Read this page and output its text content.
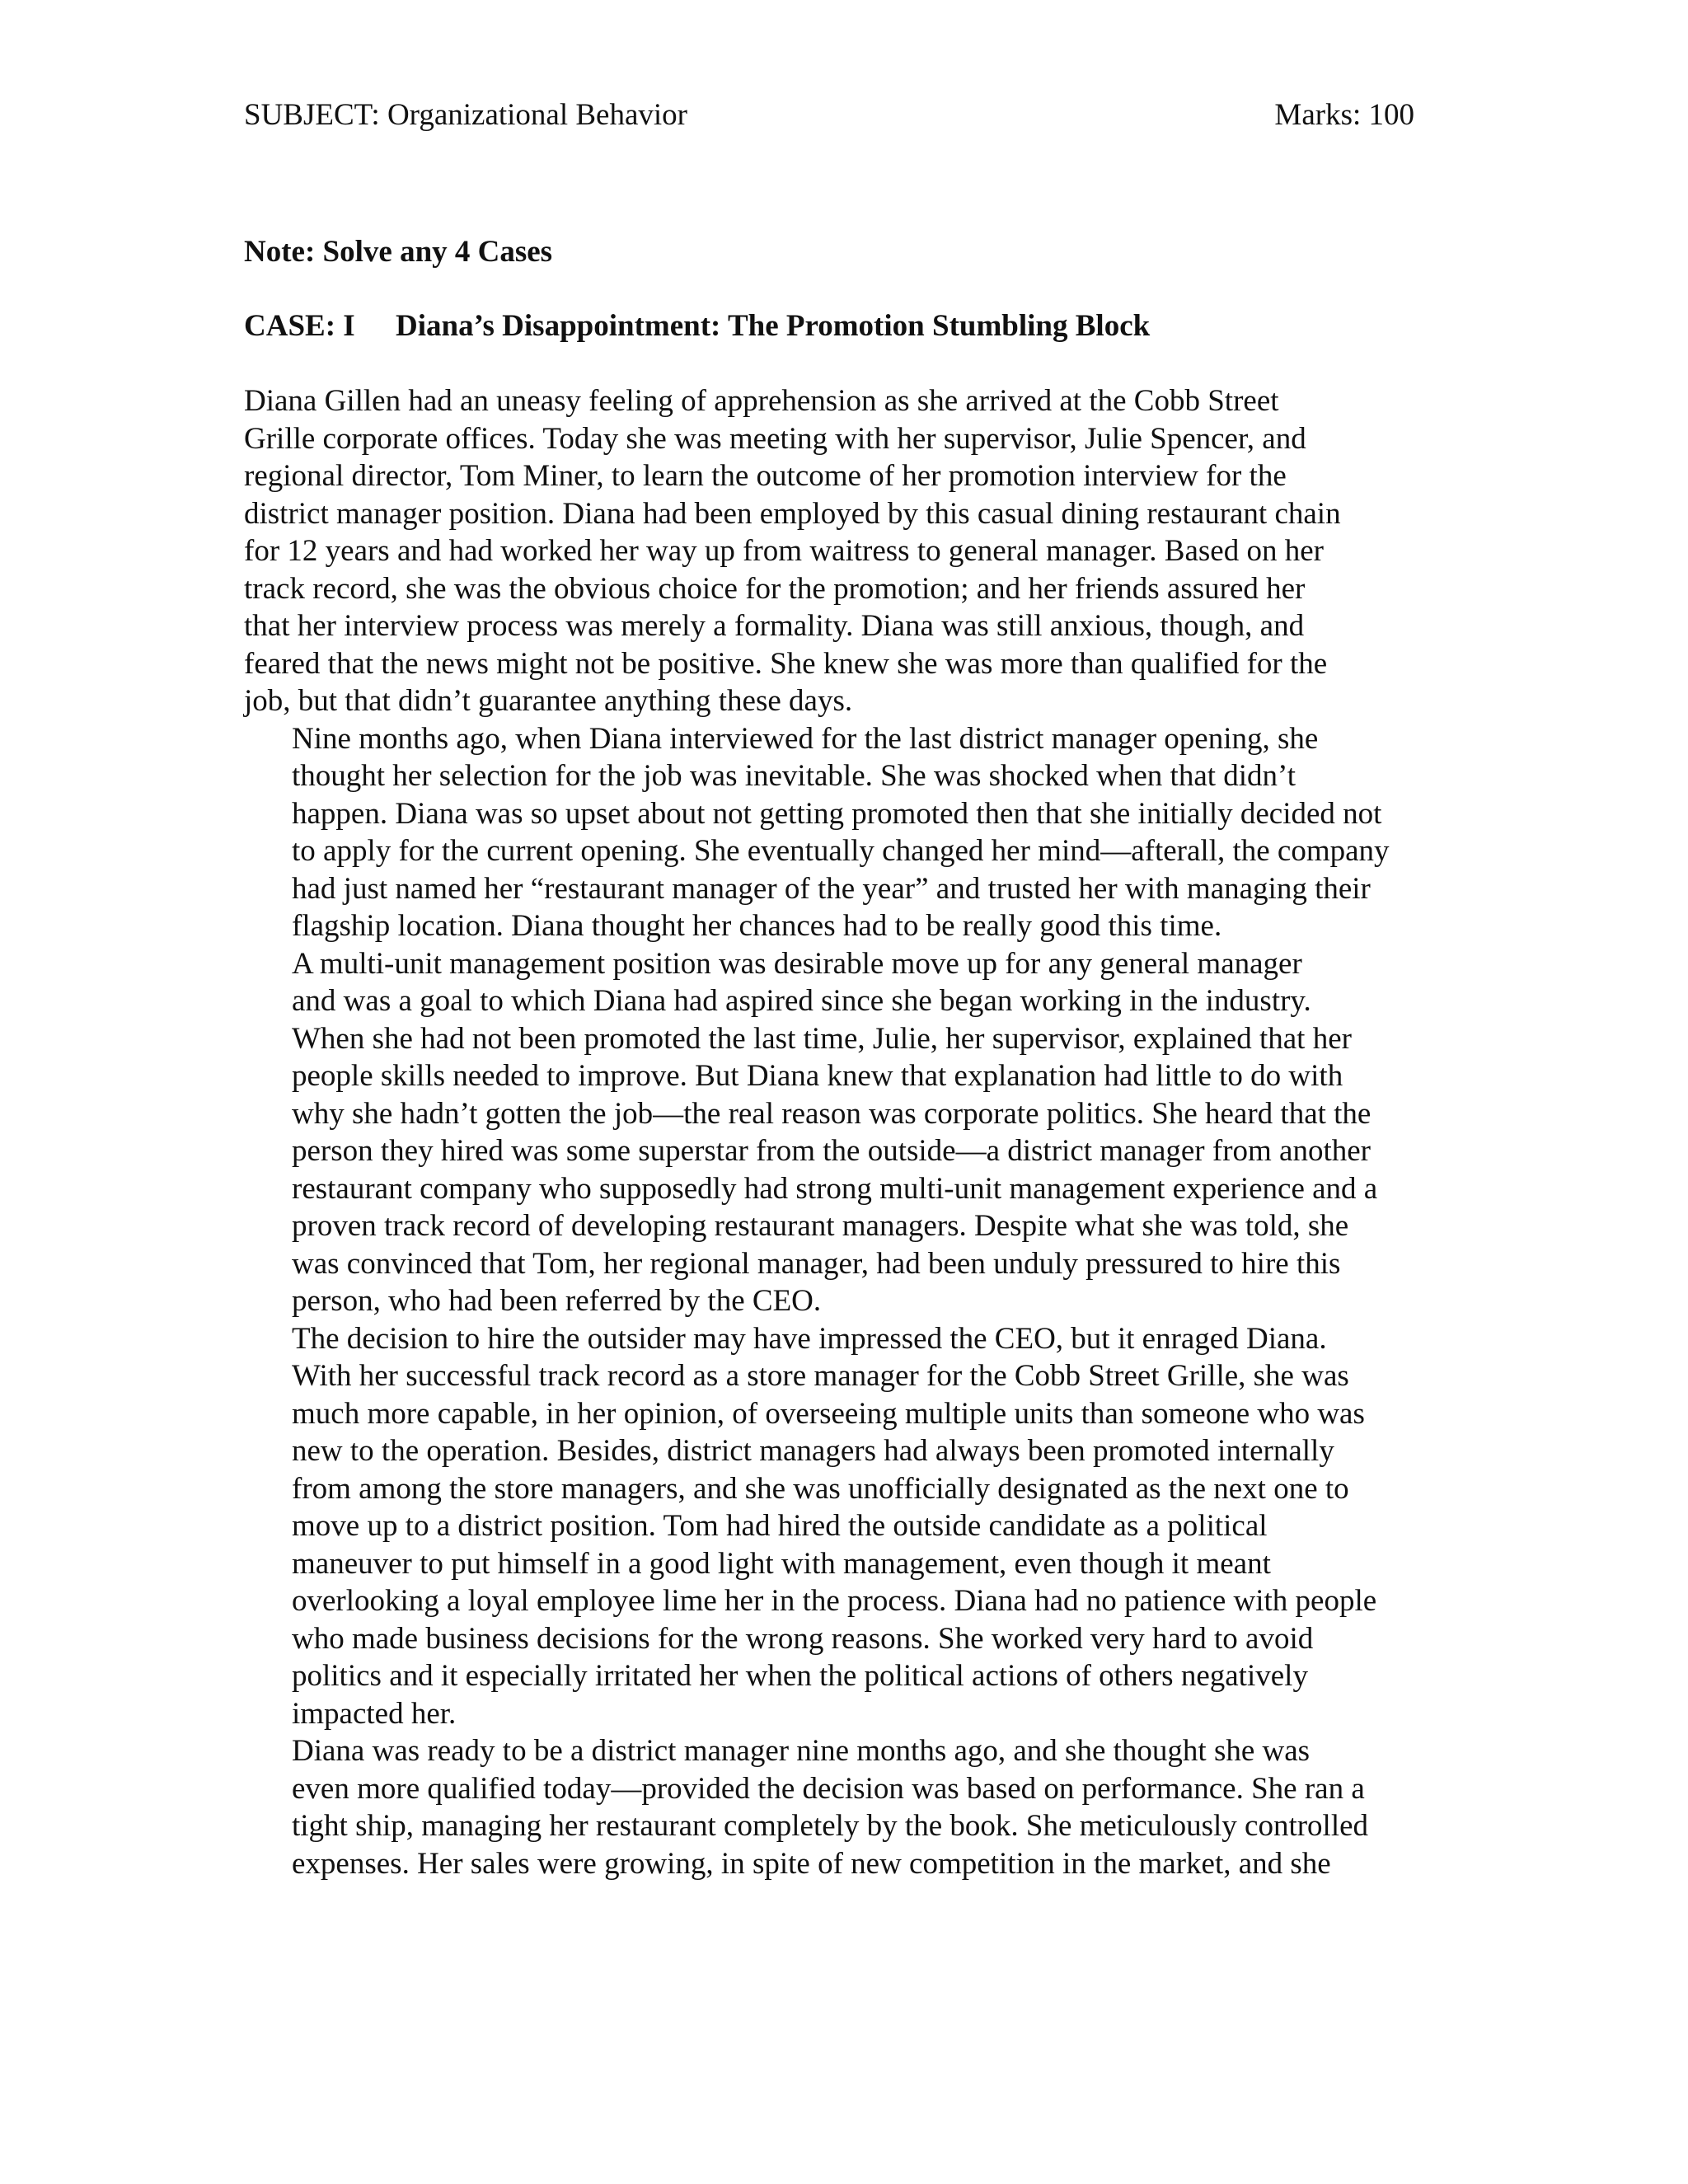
SUBJECT: Organizational Behavior	Marks: 100
Note: Solve any 4 Cases
CASE: I Diana’s Disappointment: The Promotion Stumbling Block

Diana Gillen had an uneasy feeling of apprehension as she arrived at the Cobb Street
Grille corporate offices. Today she was meeting with her supervisor, Julie Spencer, and
regional director, Tom Miner, to learn the outcome of her promotion interview for the
district manager position. Diana had been employed by this casual dining restaurant chain
for 12 years and had worked her way up from waitress to general manager. Based on her
track record, she was the obvious choice for the promotion; and her friends assured her
that her interview process was merely a formality. Diana was still anxious, though, and
feared that the news might not be positive. She knew she was more than qualified for the
job, but that didn’t guarantee anything these days.

Nine months ago, when Diana interviewed for the last district manager opening, she
thought her selection for the job was inevitable. She was shocked when that didn’t
happen. Diana was so upset about not getting promoted then that she initially decided not
to apply for the current opening. She eventually changed her mind—afterall, the company
had just named her “restaurant manager of the year” and trusted her with managing their
flagship location. Diana thought her chances had to be really good this time.

A multi-unit management position was desirable move up for any general manager
and was a goal to which Diana had aspired since she began working in the industry.
When she had not been promoted the last time, Julie, her supervisor, explained that her
people skills needed to improve. But Diana knew that explanation had little to do with
why she hadn’t gotten the job—the real reason was corporate politics. She heard that the
person they hired was some superstar from the outside—a district manager from another
restaurant company who supposedly had strong multi-unit management experience and a
proven track record of developing restaurant managers. Despite what she was told, she
was convinced that Tom, her regional manager, had been unduly pressured to hire this
person, who had been referred by the CEO.

The decision to hire the outsider may have impressed the CEO, but it enraged Diana.
With her successful track record as a store manager for the Cobb Street Grille, she was
much more capable, in her opinion, of overseeing multiple units than someone who was
new to the operation. Besides, district managers had always been promoted internally
from among the store managers, and she was unofficially designated as the next one to
move up to a district position. Tom had hired the outside candidate as a political
maneuver to put himself in a good light with management, even though it meant
overlooking a loyal employee lime her in the process. Diana had no patience with people
who made business decisions for the wrong reasons. She worked very hard to avoid
politics and it especially irritated her when the political actions of others negatively
impacted her.

Diana was ready to be a district manager nine months ago, and she thought she was
even more qualified today—provided the decision was based on performance. She ran a
tight ship, managing her restaurant completely by the book. She meticulously controlled
expenses. Her sales were growing, in spite of new competition in the market, and she
